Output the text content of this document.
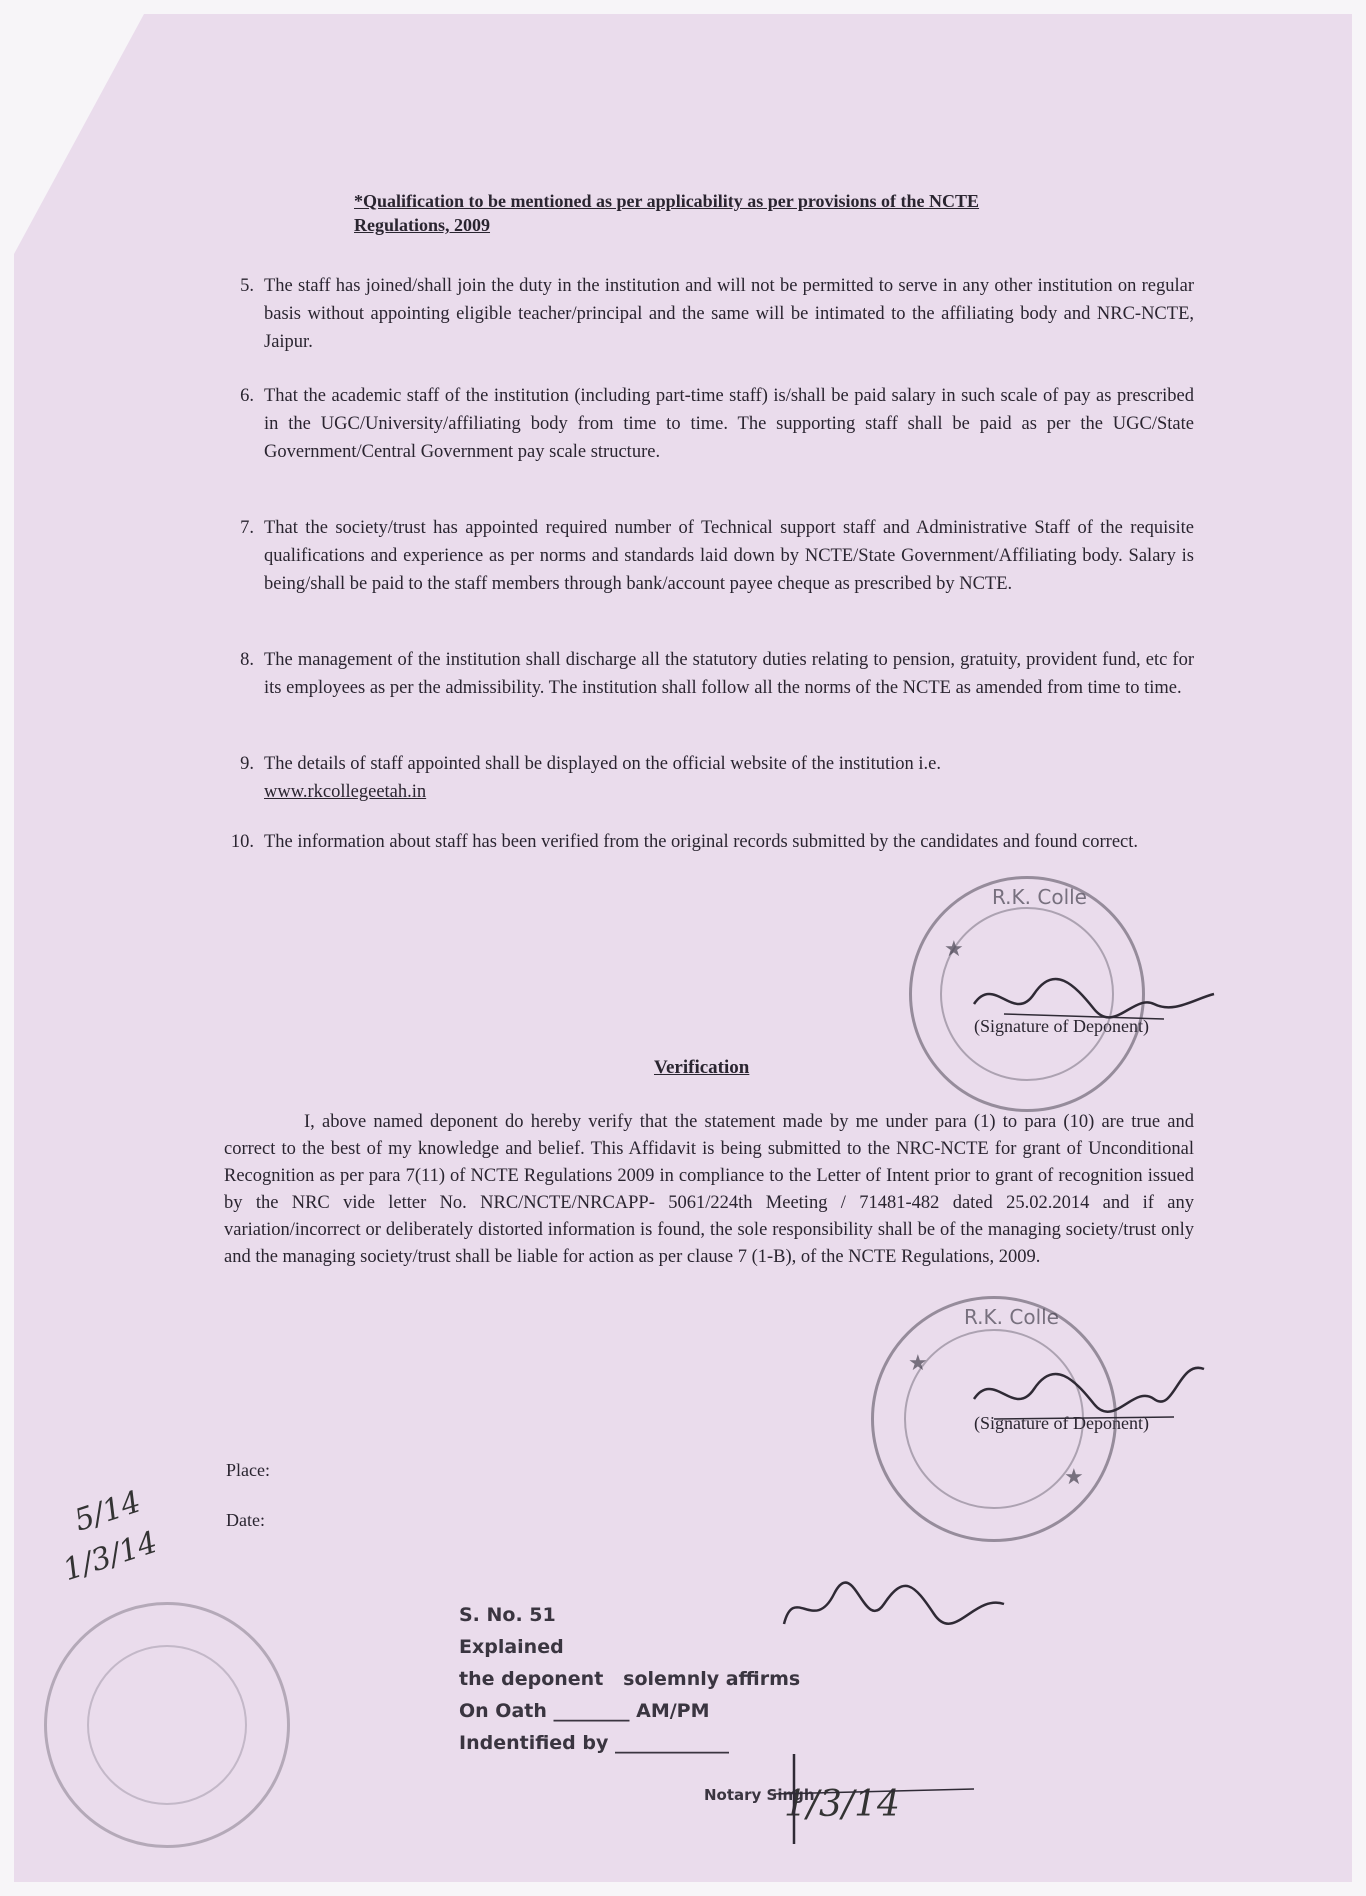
*Qualification to be mentioned as per applicability as per provisions of the NCTE
Regulations, 2009
5. The staff has joined/shall join the duty in the institution and will not be permitted to serve in any other institution on regular basis without appointing eligible teacher/principal and the same will be intimated to the affiliating body and NRC-NCTE, Jaipur.
6. That the academic staff of the institution (including part-time staff) is/shall be paid salary in such scale of pay as prescribed in the UGC/University/affiliating body from time to time. The supporting staff shall be paid as per the UGC/State Government/Central Government pay scale structure.
7. That the society/trust has appointed required number of Technical support staff and Administrative Staff of the requisite qualifications and experience as per norms and standards laid down by NCTE/State Government/Affiliating body. Salary is being/shall be paid to the staff members through bank/account payee cheque as prescribed by NCTE.
8. The management of the institution shall discharge all the statutory duties relating to pension, gratuity, provident fund, etc for its employees as per the admissibility. The institution shall follow all the norms of the NCTE as amended from time to time.
9. The details of staff appointed shall be displayed on the official website of the institution i.e.
www.rkcollegeetah.in
10. The information about staff has been verified from the original records submitted by the candidates and found correct.
(Signature of Deponent)
Verification
I, above named deponent do hereby verify that the statement made by me under para (1) to para (10) are true and correct to the best of my knowledge and belief. This Affidavit is being submitted to the NRC-NCTE for grant of Unconditional Recognition as per para 7(11) of NCTE Regulations 2009 in compliance to the Letter of Intent prior to grant of recognition issued by the NRC vide letter No. NRC/NCTE/NRCAPP- 5061/224th Meeting / 71481-482 dated 25.02.2014 and if any variation/incorrect or deliberately distorted information is found, the sole responsibility shall be of the managing society/trust only and the managing society/trust shall be liable for action as per clause 7 (1-B), of the NCTE Regulations, 2009.
(Signature of Deponent)
Place:
Date:
R.K. Colle
★
R.K. Colle
★
★
5/14
1/3/14
S. No. 51
Explained
the deponent solemnly affirms
On Oath ________ AM/PM
Indentified by ____________
Notary Singh
1/3/14
